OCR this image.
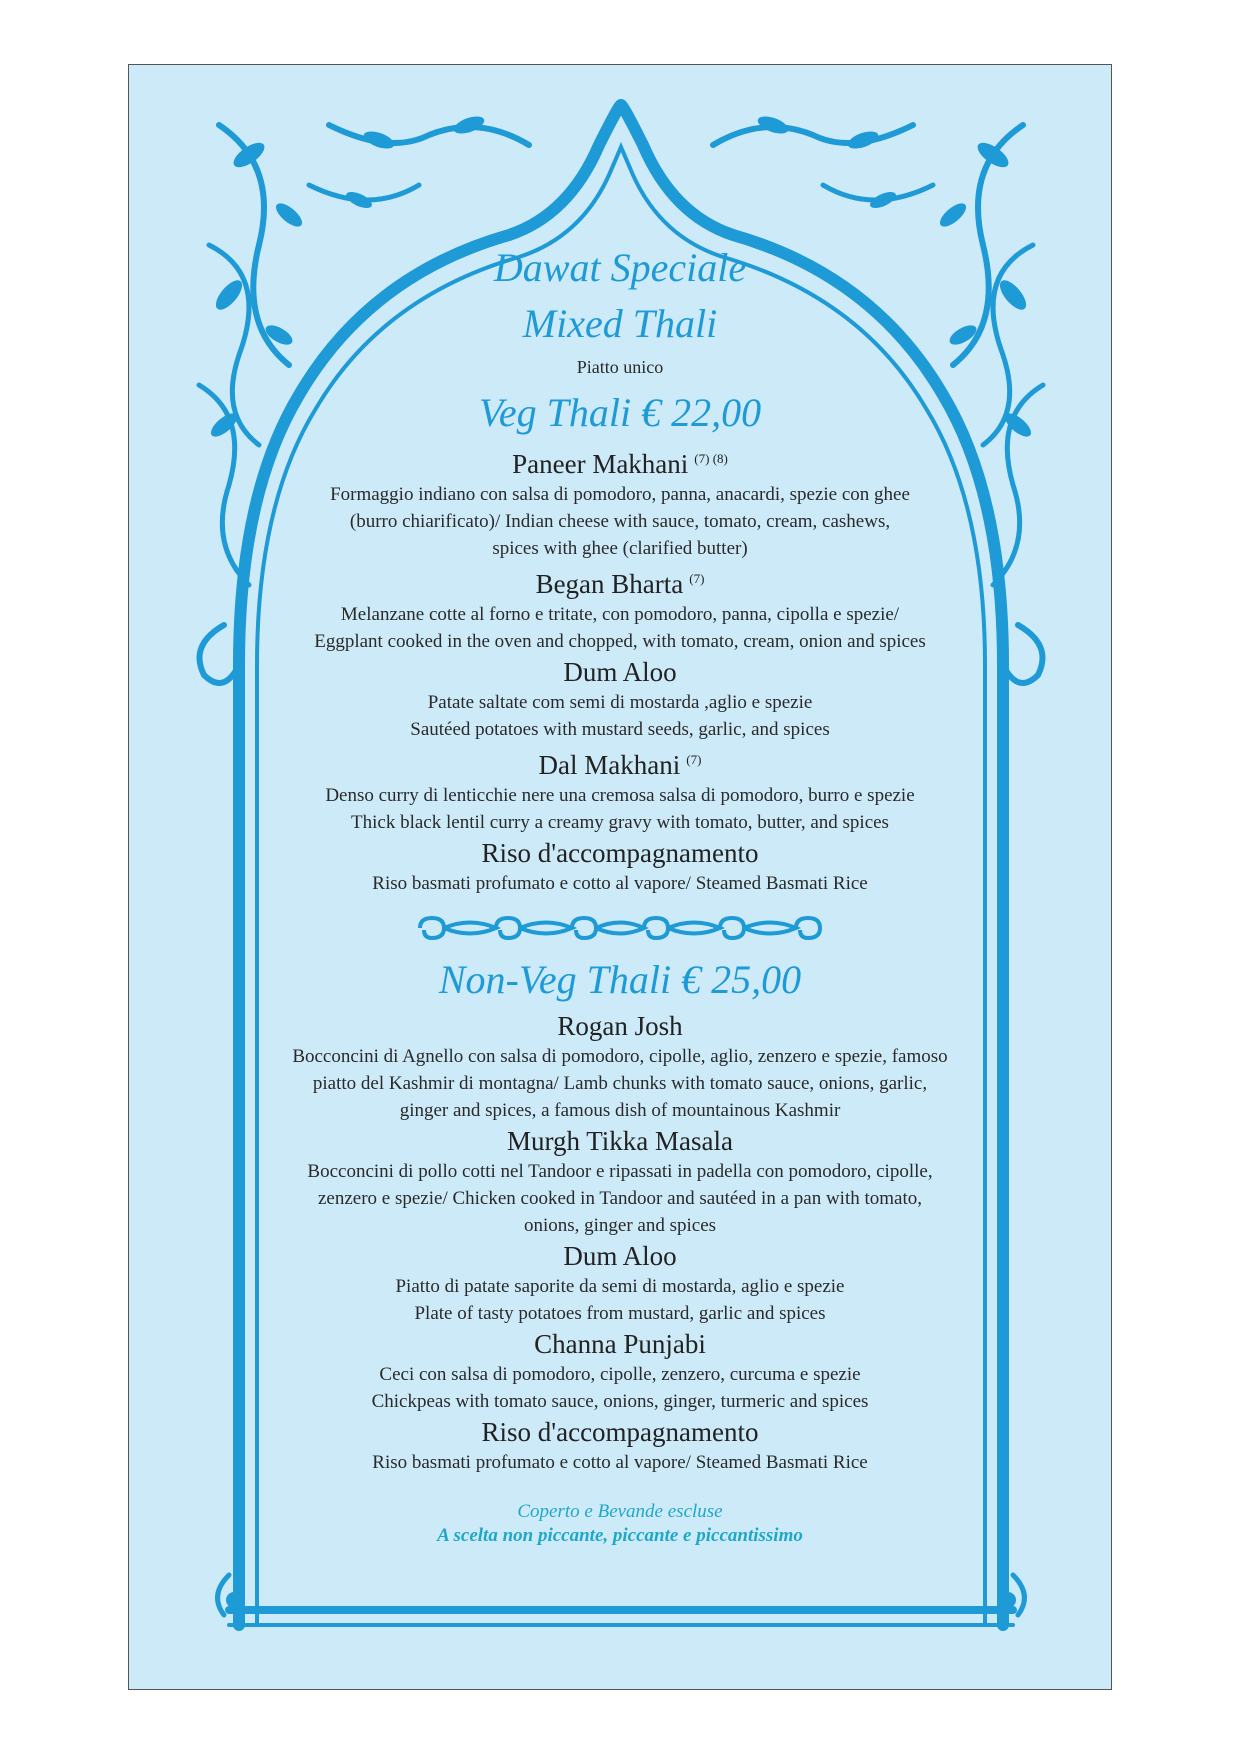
Dawat Speciale

Mixed Thali

Piatto unico

Veg Thali € 22,00

Paneer Makhani $^{(7) (8)}$

Formaggio indiano con salsa di pomodoro, panna, anacardi, spezie con ghee

(burro chiarificato)/ Indian cheese with sauce, tomato, cream, cashews,

spices with ghee (clarified butter)

Began Bharta $^{(7)}$

Melanzane cotte al forno e tritate, con pomodoro, panna, cipolla e spezie/

Eggplant cooked in the oven and chopped, with tomato, cream, onion and spices

Dum Aloo

Patate saltate com semi di mostarda ,aglio e spezie

Sautéed potatoes with mustard seeds, garlic, and spices

Dal Makhani $^{(7)}$

Denso curry di lenticchie nere una cremosa salsa di pomodoro, burro e spezie

Thick black lentil curry a creamy gravy with tomato, butter, and spices

Riso d'accompagnamento

Riso basmati profumato e cotto al vapore/ Steamed Basmati Rice

Non-Veg Thali € 25,00

Rogan Josh

Bocconcini di Agnello con salsa di pomodoro, cipolle, aglio, zenzero e spezie, famoso

piatto del Kashmir di montagna/ Lamb chunks with tomato sauce, onions, garlic,

ginger and spices, a famous dish of mountainous Kashmir

Murgh Tikka Masala

Bocconcini di pollo cotti nel Tandoor e ripassati in padella con pomodoro, cipolle,

zenzero e spezie/ Chicken cooked in Tandoor and sautéed in a pan with tomato,

onions, ginger and spices

Dum Aloo

Piatto di patate saporite da semi di mostarda, aglio e spezie

Plate of tasty potatoes from mustard, garlic and spices

Channa Punjabi

Ceci con salsa di pomodoro, cipolle, zenzero, curcuma e spezie

Chickpeas with tomato sauce, onions, ginger, turmeric and spices

Riso d'accompagnamento

Riso basmati profumato e cotto al vapore/ Steamed Basmati Rice

Coperto e Bevande escluse

A scelta non piccante, piccante e piccantissimo
